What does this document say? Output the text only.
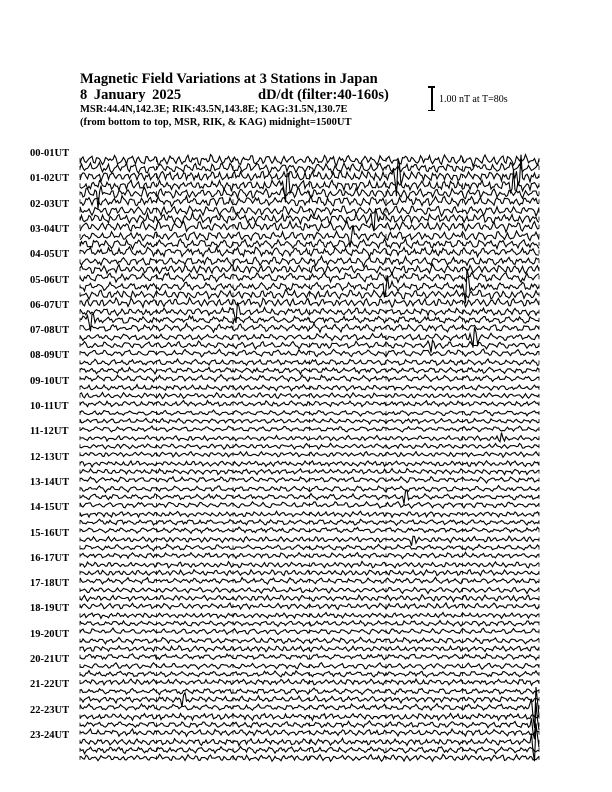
Magnetic Field Variations at 3 Stations in Japan
8 January 2025	dD/dt (filter:40-160s)
MSR:44.4N,142.3E; RIK:43.5N,143.8E; KAG:31.5N,130.7E
(from bottom to top, MSR, RIK, & KAG) midnight=1500UT
1.00 nT at T=80s
00-01UT
01-02UT
02-03UT
03-04UT
04-05UT
05-06UT
06-07UT
07-08UT
08-09UT
09-10UT
10-11UT
11-12UT
12-13UT
13-14UT
14-15UT
15-16UT
16-17UT
17-18UT
18-19UT
19-20UT
20-21UT
21-22UT
22-23UT
23-24UT
